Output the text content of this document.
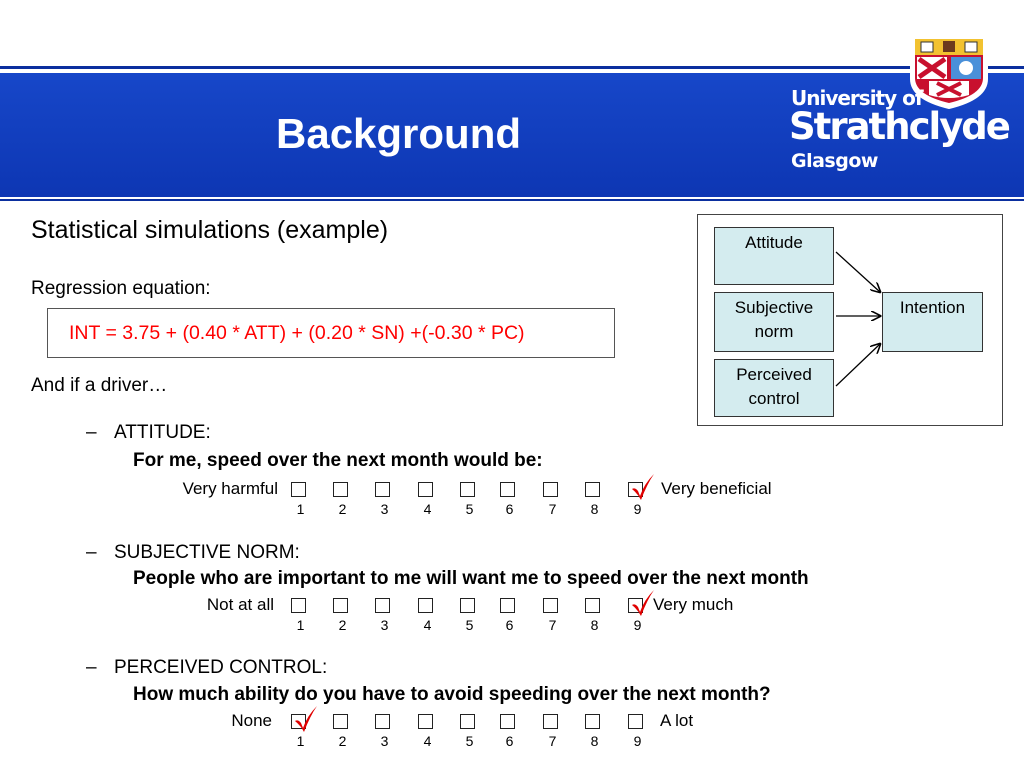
Background
University of
Strathclyde
Glasgow

Statistical simulations (example)

Regression equation:

INT = 3.75 + (0.40 * ATT) + (0.20 * SN) +(-0.30 * PC)

And if a driver…

– ATTITUDE:

For me, speed over the next month would be:

Very harmful	Very beneficial
1 2 3	4 5 6	7 8	9
– SUBJECTIVE NORM:

People who are important to me will want me to speed over the next month

Not at all	Very much
1 2 3	4 5 6	7 8	9
– PERCEIVED CONTROL:

How much ability do you have to avoid speeding over the next month?

None	A lot
1 2 3	4 5 6	7 8	9
Attitude
Subjective norm
Perceived control
Intention
